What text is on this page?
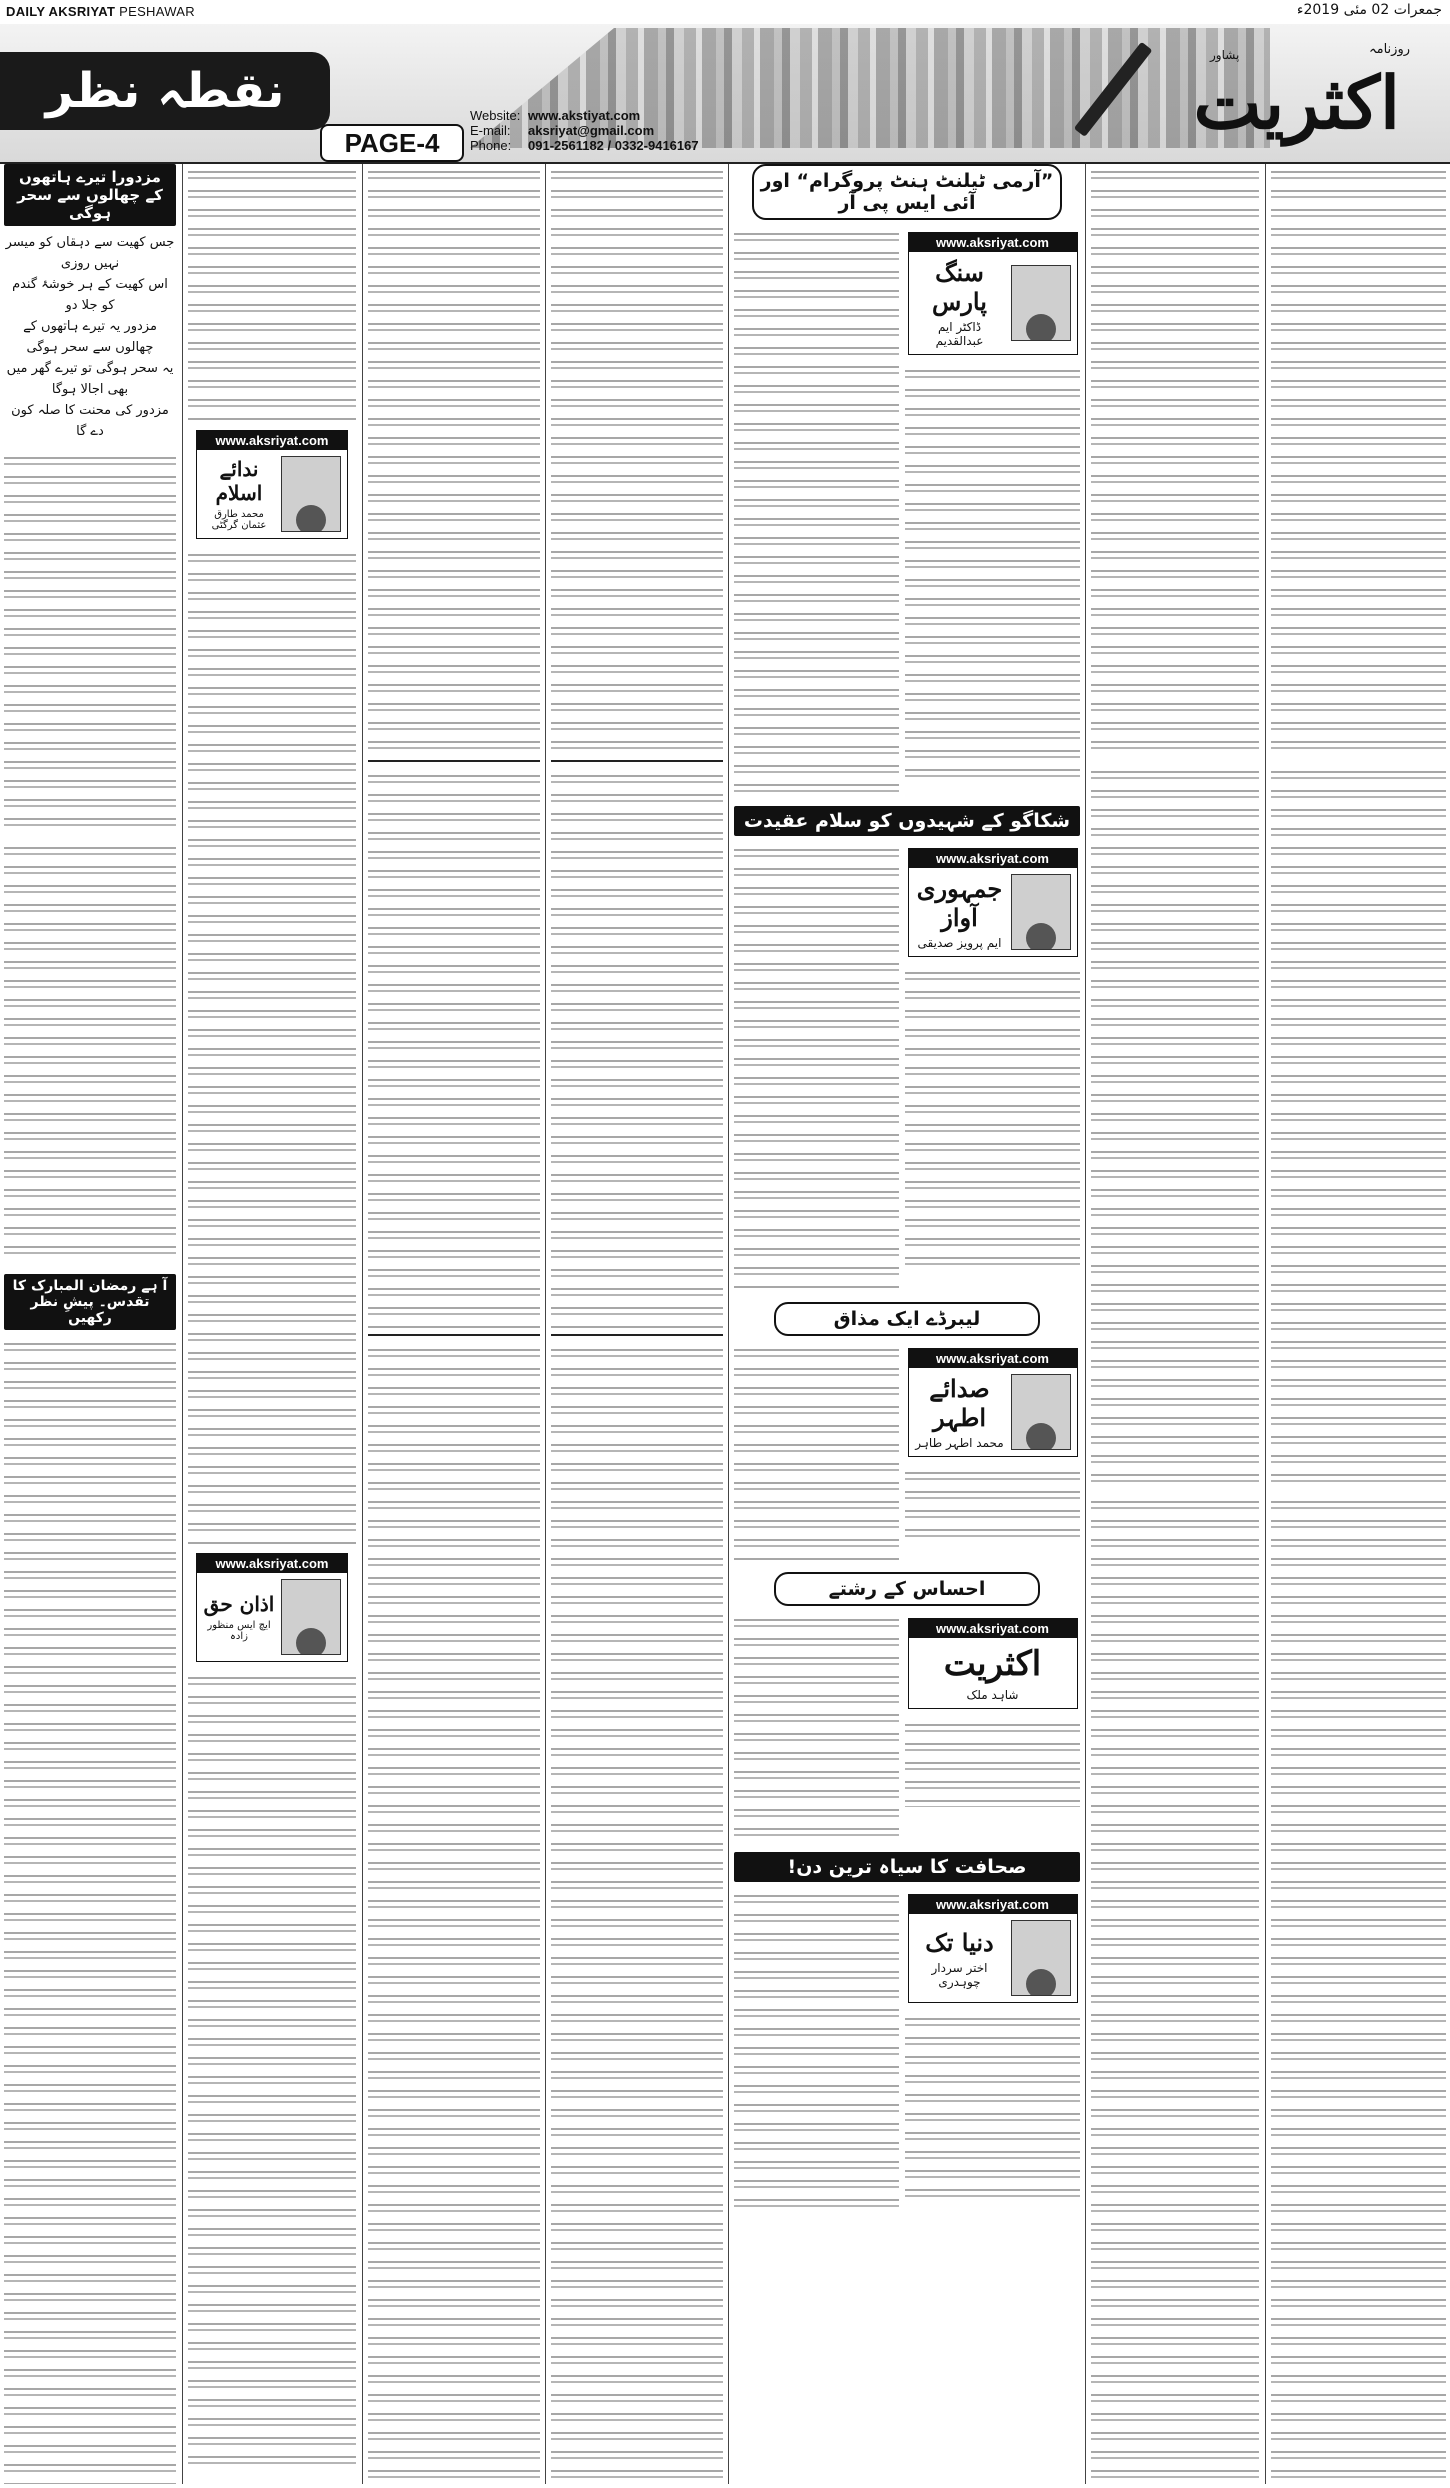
DAILY AKSRIYAT PESHAWAR	جمعرات 02 مئی 2019ء
نقطہ نظر
PAGE-4
Website: www.akstiyat.com
E-mail: aksriyat@gmail.com
Phone: 091-2561182 / 0332-9416167
روزنامہ
پشاور
اکثریت
مزدورا تیرے ہاتھوں کے چھالوں سے سحر ہوگی
جس کھیت سے دہقاں کو میسر نہیں روزی
اس کھیت کے ہر خوشۂ گندم کو جلا دو
مزدور یہ تیرے ہاتھوں کے چھالوں سے سحر ہوگی
یہ سحر ہوگی تو تیرے گھر میں بھی اجالا ہوگا
مزدور کی محنت کا صلہ کون دے گا
آ ہے رمضان المبارک کا تقدس۔ پیشِ نظر رکھیں
www.aksriyat.com
ندائے اسلام
محمد طارق عثمان گرگٹی
www.aksriyat.com
اذان حق
ایچ ایس منظور زادہ
”آرمی ٹیلنٹ ہنٹ پروگرام“ اور آئی ایس پی آر
www.aksriyat.com
سنگ پارس
ڈاکٹر ایم عبدالقدیم
شکاگو کے شہیدوں کو سلام عقیدت
www.aksriyat.com
جمہوری آواز
ایم پرویز صدیقی
لیبرڈے ایک مذاق
www.aksriyat.com
صدائے اطہر
محمد اطہر طاہر
احساس کے رشتے
www.aksriyat.com
اکثریت
شاہد ملک
صحافت کا سیاہ ترین دن!
www.aksriyat.com
دنیا تک
اختر سردار چوہدری
